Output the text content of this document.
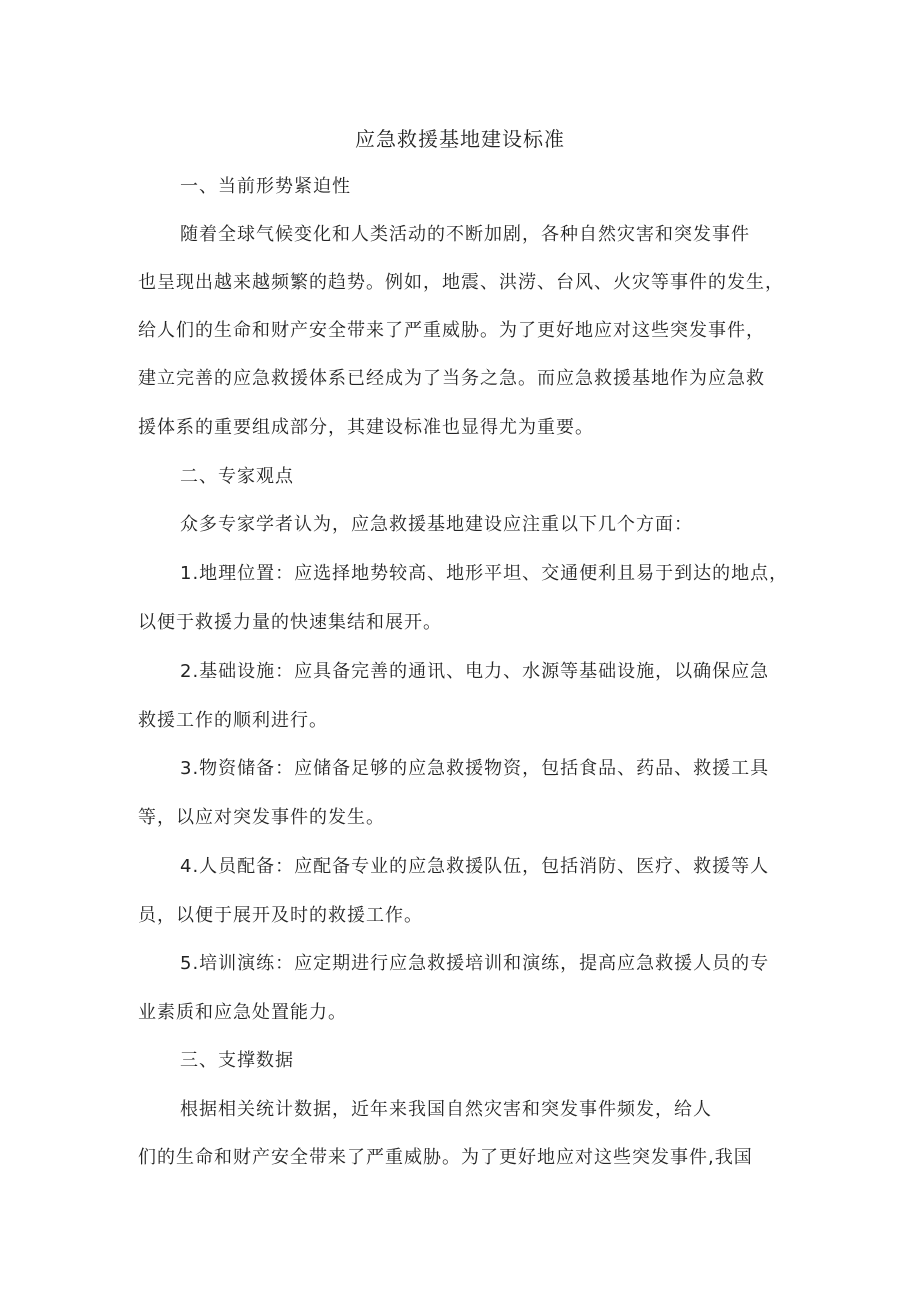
应急救援基地建设标准
一、当前形势紧迫性
随着全球气候变化和人类活动的不断加剧，各种自然灾害和突发事件
也呈现出越来越频繁的趋势。例如，地震、洪涝、台风、火灾等事件的发生，
给人们的生命和财产安全带来了严重威胁。为了更好地应对这些突发事件，
建立完善的应急救援体系已经成为了当务之急。而应急救援基地作为应急救
援体系的重要组成部分，其建设标准也显得尤为重要。
二、专家观点
众多专家学者认为，应急救援基地建设应注重以下几个方面：
1.地理位置：应选择地势较高、地形平坦、交通便利且易于到达的地点，
以便于救援力量的快速集结和展开。
2.基础设施：应具备完善的通讯、电力、水源等基础设施，以确保应急
救援工作的顺利进行。
3.物资储备：应储备足够的应急救援物资，包括食品、药品、救援工具
等，以应对突发事件的发生。
4.人员配备：应配备专业的应急救援队伍，包括消防、医疗、救援等人
员，以便于展开及时的救援工作。
5.培训演练：应定期进行应急救援培训和演练，提高应急救援人员的专
业素质和应急处置能力。
三、支撑数据
根据相关统计数据，近年来我国自然灾害和突发事件频发，给人
们的生命和财产安全带来了严重威胁。为了更好地应对这些突发事件,我国
